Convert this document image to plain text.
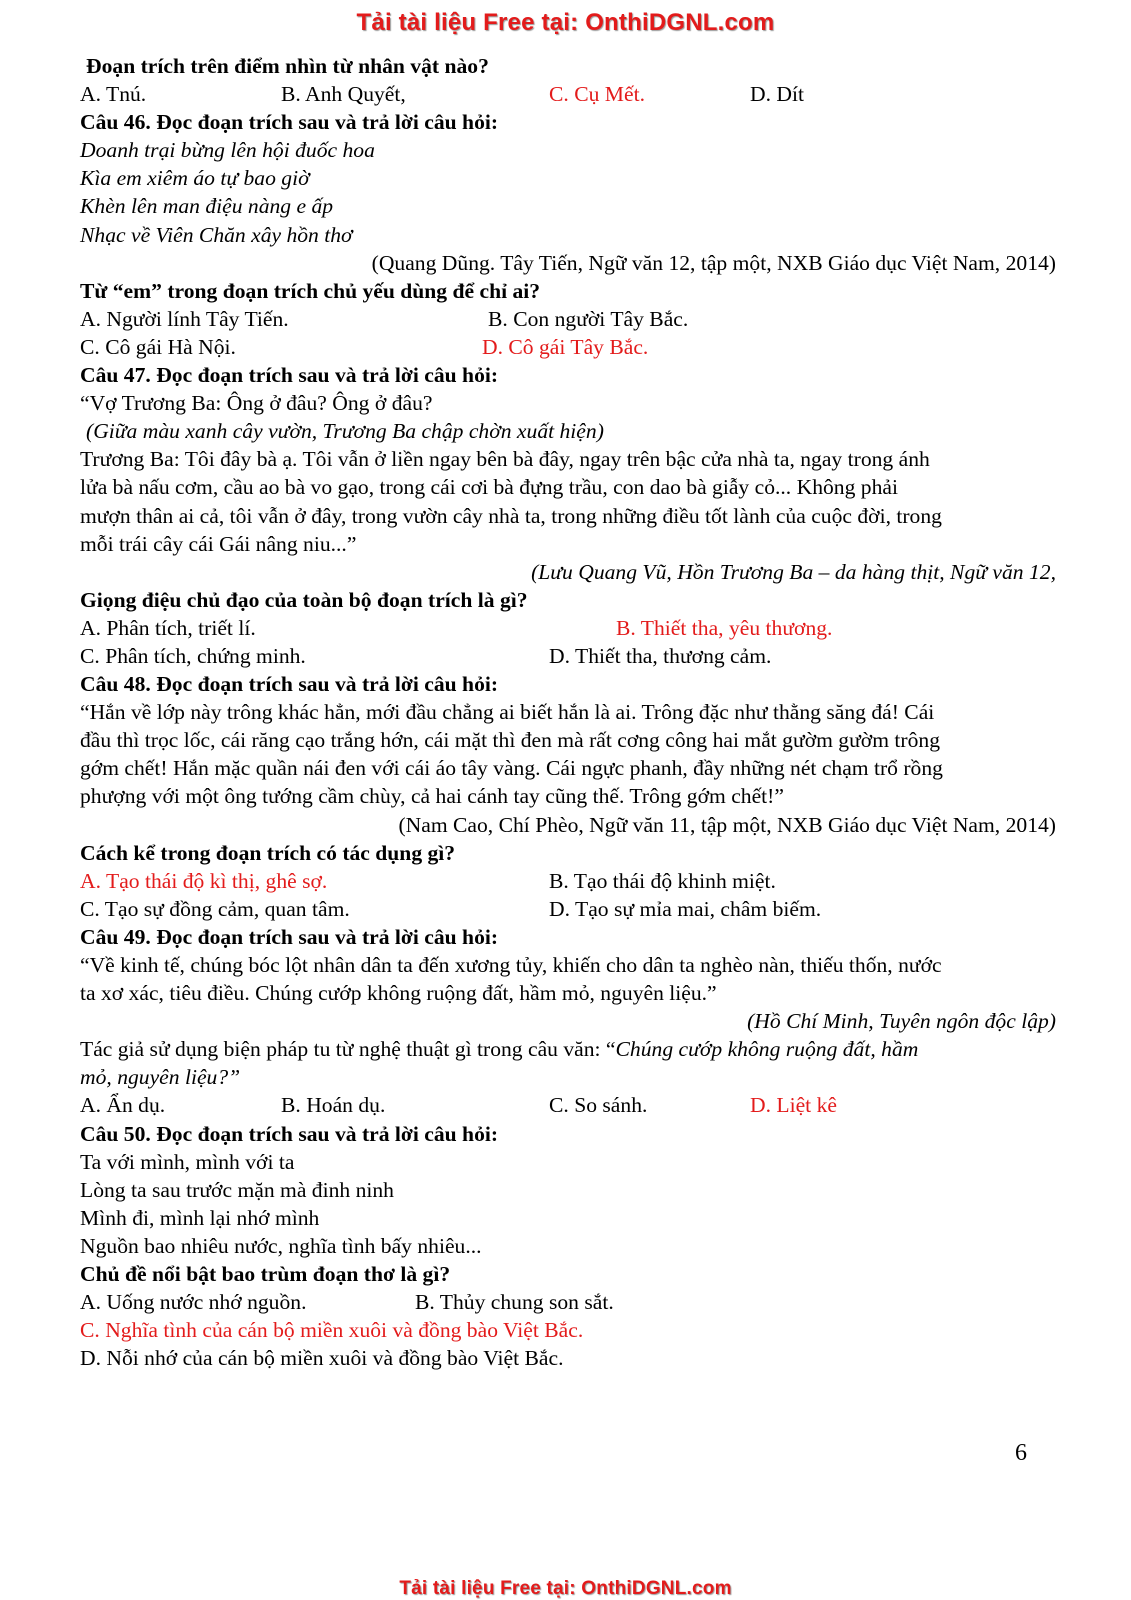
Tải tài liệu Free tại: OnthiDGNL.com
Đoạn trích trên điểm nhìn từ nhân vật nào?
A. Tnú.	B. Anh Quyết,	C. Cụ Mết.	D. Dít
Câu 46. Đọc đoạn trích sau và trả lời câu hỏi:
Doanh trại bừng lên hội đuốc hoa
Kìa em xiêm áo tự bao giờ
Khèn lên man điệu nàng e ấp
Nhạc về Viên Chăn xây hồn thơ
(Quang Dũng. Tây Tiến, Ngữ văn 12, tập một, NXB Giáo dục Việt Nam, 2014)
Từ “em” trong đoạn trích chủ yếu dùng để chỉ ai?
A. Người lính Tây Tiến.	B. Con người Tây Bắc.
C. Cô gái Hà Nội.	D. Cô gái Tây Bắc.
Câu 47. Đọc đoạn trích sau và trả lời câu hỏi:
“Vợ Trương Ba: Ông ở đâu? Ông ở đâu?
(Giữa màu xanh cây vườn, Trương Ba chập chờn xuất hiện)
Trương Ba: Tôi đây bà ạ. Tôi vẫn ở liền ngay bên bà đây, ngay trên bậc cửa nhà ta, ngay trong ánh
lửa bà nấu cơm, cầu ao bà vo gạo, trong cái cơi bà đựng trầu, con dao bà giẫy cỏ... Không phải
mượn thân ai cả, tôi vẫn ở đây, trong vườn cây nhà ta, trong những điều tốt lành của cuộc đời, trong
mỗi trái cây cái Gái nâng niu...”
(Lưu Quang Vũ, Hồn Trương Ba – da hàng thịt, Ngữ văn 12,
Giọng điệu chủ đạo của toàn bộ đoạn trích là gì?
A. Phân tích, triết lí.	B. Thiết tha, yêu thương.
C. Phân tích, chứng minh.	D. Thiết tha, thương cảm.
Câu 48. Đọc đoạn trích sau và trả lời câu hỏi:
“Hắn về lớp này trông khác hẳn, mới đầu chẳng ai biết hắn là ai. Trông đặc như thằng săng đá! Cái
đầu thì trọc lốc, cái răng cạo trắng hớn, cái mặt thì đen mà rất cơng công hai mắt gườm gườm trông
gớm chết! Hắn mặc quần nái đen với cái áo tây vàng. Cái ngực phanh, đầy những nét chạm trổ rồng
phượng với một ông tướng cầm chùy, cả hai cánh tay cũng thế. Trông gớm chết!”
(Nam Cao, Chí Phèo, Ngữ văn 11, tập một, NXB Giáo dục Việt Nam, 2014)
Cách kể trong đoạn trích có tác dụng gì?
A. Tạo thái độ kì thị, ghê sợ.	B. Tạo thái độ khinh miệt.
C. Tạo sự đồng cảm, quan tâm.	D. Tạo sự mỉa mai, châm biếm.
Câu 49. Đọc đoạn trích sau và trả lời câu hỏi:
“Về kinh tế, chúng bóc lột nhân dân ta đến xương tủy, khiến cho dân ta nghèo nàn, thiếu thốn, nước
ta xơ xác, tiêu điều. Chúng cướp không ruộng đất, hầm mỏ, nguyên liệu.”
(Hồ Chí Minh, Tuyên ngôn độc lập)
Tác giả sử dụng biện pháp tu từ nghệ thuật gì trong câu văn: “Chúng cướp không ruộng đất, hầm
mỏ, nguyên liệu?”
A. Ẩn dụ.	B. Hoán dụ.	C. So sánh.	D. Liệt kê
Câu 50. Đọc đoạn trích sau và trả lời câu hỏi:
Ta với mình, mình với ta
Lòng ta sau trước mặn mà đinh ninh
Mình đi, mình lại nhớ mình
Nguồn bao nhiêu nước, nghĩa tình bấy nhiêu...
Chủ đề nổi bật bao trùm đoạn thơ là gì?
A. Uống nước nhớ nguồn.	B. Thủy chung son sắt.
C. Nghĩa tình của cán bộ miền xuôi và đồng bào Việt Bắc.
D. Nỗi nhớ của cán bộ miền xuôi và đồng bào Việt Bắc.
6
Tải tài liệu Free tại: OnthiDGNL.com
